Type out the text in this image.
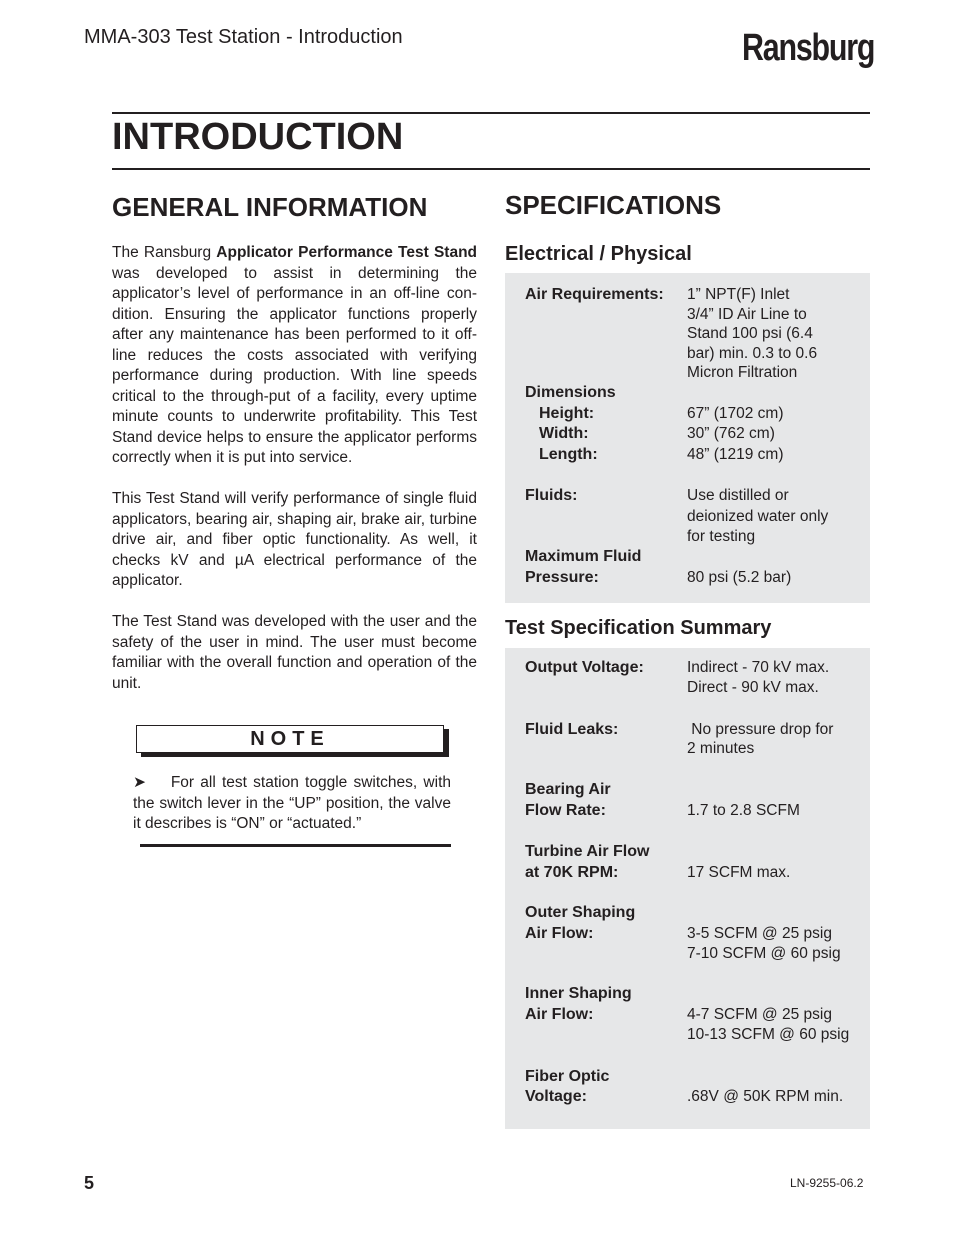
MMA-303 Test Station - Introduction	Ransburg
INTRODUCTION
GENERAL INFORMATION

The Ransburg Applicator Performance Test Stand was developed to assist in determining the applicator’s level of performance in an off-line con-dition. Ensuring the applicator functions properly after any maintenance has been performed to it off-line reduces the costs associated with verifying performance during production. With line speeds critical to the through-put of a facility, every uptime minute counts to underwrite profitability. This Test Stand device helps to ensure the applicator performs correctly when it is put into service.

This Test Stand will verify performance of single fluid applicators, bearing air, shaping air, brake air, turbine drive air, and fiber optic functionality. As well, it checks kV and µA electrical performance of the applicator.

The Test Stand was developed with the user and the safety of the user in mind. The user must become familiar with the overall function and operation of the unit.

NOTE

➤ For all test station toggle switches, with the switch lever in the “UP” position, the valve it describes is “ON” or “actuated.”

SPECIFICATIONS
Electrical / Physical
Air Requirements: 1” NPT(F) Inlet
3/4” ID Air Line to
Stand 100 psi (6.4
bar) min. 0.3 to 0.6
Micron Filtration
Dimensions
Height:	67” (1702 cm)
Width:	30” (762 cm)
Length:	48” (1219 cm)
Fluids:	Use distilled or
deionized water only
for testing
Maximum Fluid
Pressure:	80 psi (5.2 bar)
Test Specification Summary
Output Voltage:	Indirect - 70 kV max.
Direct - 90 kV max.
Fluid Leaks:	No pressure drop for
2 minutes
Bearing Air
Flow Rate:	1.7 to 2.8 SCFM
Turbine Air Flow
at 70K RPM:	17 SCFM max.
Outer Shaping
Air Flow:	3-5 SCFM @ 25 psig
7-10 SCFM @ 60 psig
Inner Shaping
Air Flow:	4-7 SCFM @ 25 psig
10-13 SCFM @ 60 psig
Fiber Optic
Voltage:	.68V @ 50K RPM min.
5	LN-9255-06.2
